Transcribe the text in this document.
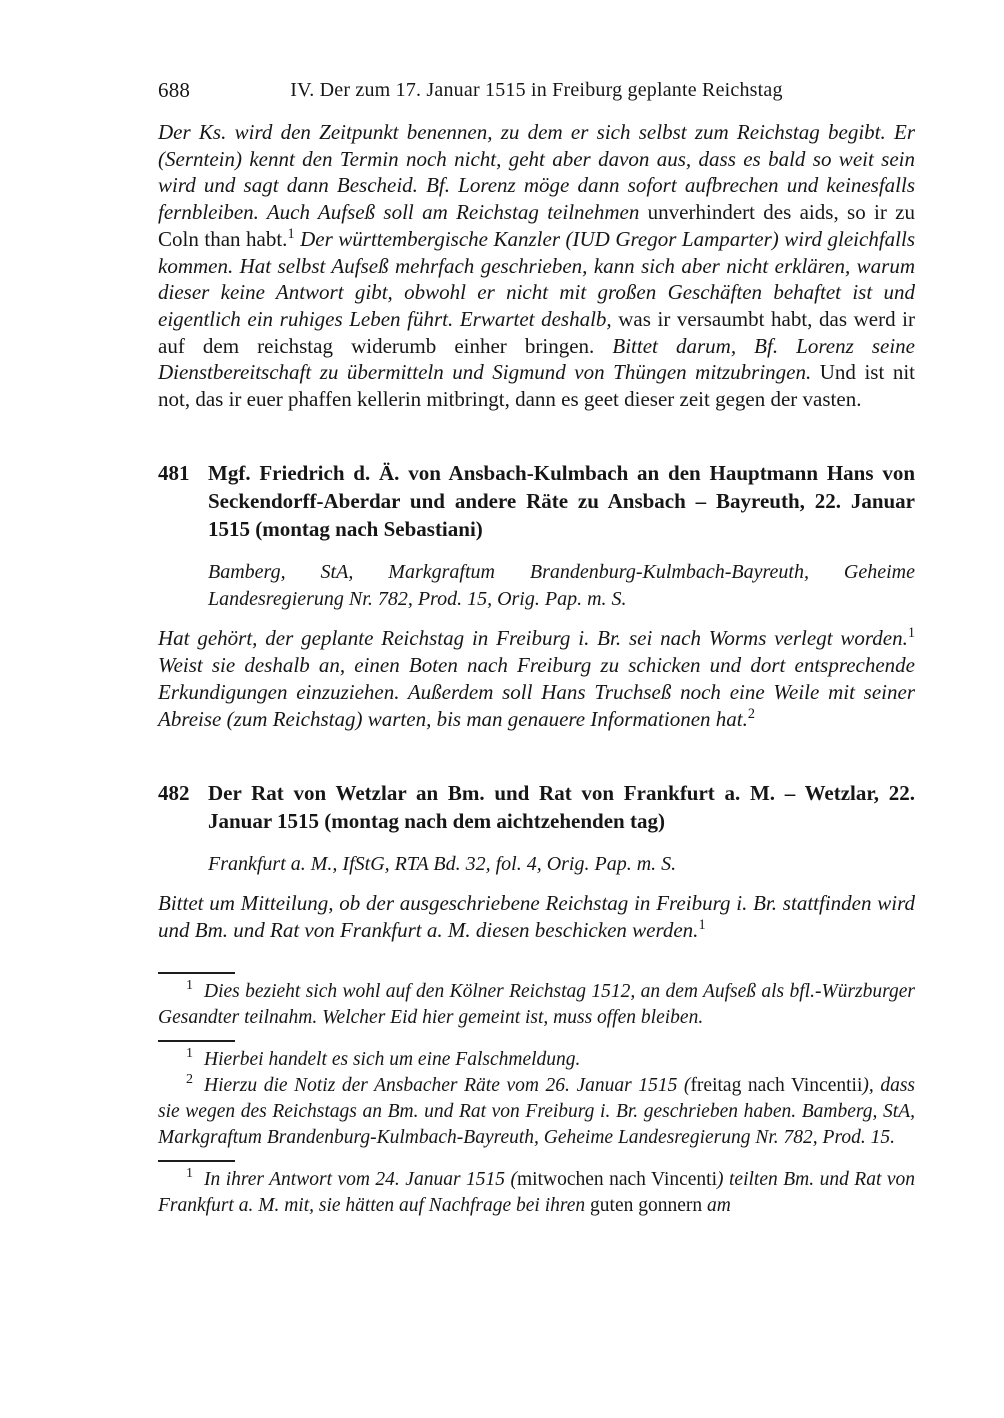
688	IV. Der zum 17. Januar 1515 in Freiburg geplante Reichstag

Der Ks. wird den Zeitpunkt benennen, zu dem er sich selbst zum Reichstag begibt. Er (Serntein) kennt den Termin noch nicht, geht aber davon aus, dass es bald so weit sein wird und sagt dann Bescheid. Bf. Lorenz möge dann sofort aufbrechen und keinesfalls fernbleiben. Auch Aufseß soll am Reichstag teilnehmen unverhindert des aids, so ir zu Coln than habt.$^1$ Der württembergische Kanzler (IUD Gregor Lamparter) wird gleichfalls kommen. Hat selbst Aufseß mehrfach geschrieben, kann sich aber nicht erklären, warum dieser keine Antwort gibt, obwohl er nicht mit großen Geschäften behaftet ist und eigentlich ein ruhiges Leben führt. Erwartet deshalb, was ir versaumbt habt, das werd ir auf dem reichstag widerumb einher bringen. Bittet darum, Bf. Lorenz seine Dienstbereitschaft zu übermitteln und Sigmund von Thüngen mitzubringen. Und ist nit not, das ir euer phaffen kellerin mitbringt, dann es geet dieser zeit gegen der vasten.

481 Mgf. Friedrich d. Ä. von Ansbach-Kulmbach an den Hauptmann Hans von Seckendorff-Aberdar und andere Räte zu Ansbach – Bayreuth, 22. Januar 1515 (montag nach Sebastiani)

Bamberg, StA, Markgraftum Brandenburg-Kulmbach-Bayreuth, Geheime Landesregierung Nr. 782, Prod. 15, Orig. Pap. m. S.

Hat gehört, der geplante Reichstag in Freiburg i. Br. sei nach Worms verlegt worden.$^1$ Weist sie deshalb an, einen Boten nach Freiburg zu schicken und dort entsprechende Erkundigungen einzuziehen. Außerdem soll Hans Truchseß noch eine Weile mit seiner Abreise (zum Reichstag) warten, bis man genauere Informationen hat.$^2$

482 Der Rat von Wetzlar an Bm. und Rat von Frankfurt a. M. – Wetzlar, 22. Januar 1515 (montag nach dem aichtzehenden tag)

Frankfurt a. M., IfStG, RTA Bd. 32, fol. 4, Orig. Pap. m. S.

Bittet um Mitteilung, ob der ausgeschriebene Reichstag in Freiburg i. Br. stattfinden wird und Bm. und Rat von Frankfurt a. M. diesen beschicken werden.$^1$

$^1$ Dies bezieht sich wohl auf den Kölner Reichstag 1512, an dem Aufseß als bfl.-Würzburger Gesandter teilnahm. Welcher Eid hier gemeint ist, muss offen bleiben.

$^1$ Hierbei handelt es sich um eine Falschmeldung.

$^2$ Hierzu die Notiz der Ansbacher Räte vom 26. Januar 1515 (freitag nach Vincentii), dass sie wegen des Reichstags an Bm. und Rat von Freiburg i. Br. geschrieben haben. Bamberg, StA, Markgraftum Brandenburg-Kulmbach-Bayreuth, Geheime Landesregierung Nr. 782, Prod. 15.

$^1$ In ihrer Antwort vom 24. Januar 1515 (mitwochen nach Vincenti) teilten Bm. und Rat von Frankfurt a. M. mit, sie hätten auf Nachfrage bei ihren guten gonnern am
